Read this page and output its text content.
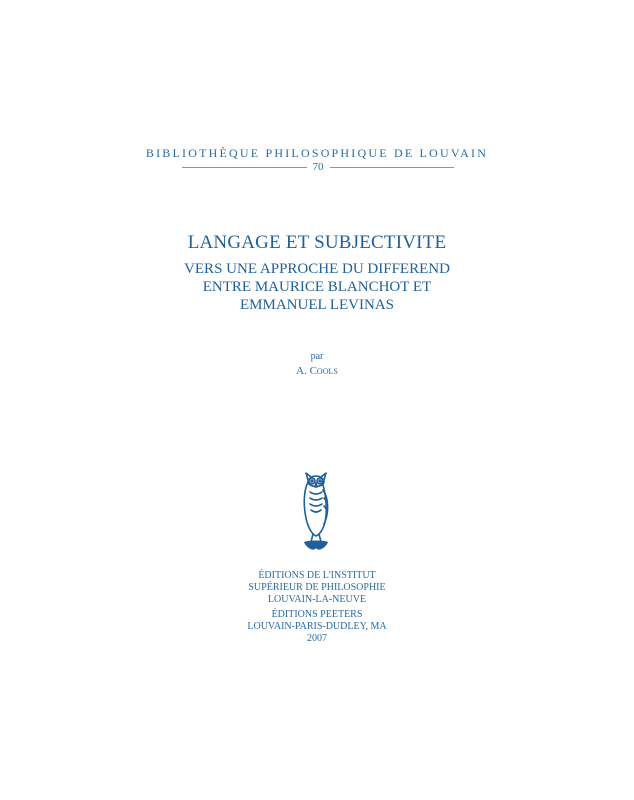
BIBLIOTHÈQUE PHILOSOPHIQUE DE LOUVAIN
70
LANGAGE ET SUBJECTIVITE
VERS UNE APPROCHE DU DIFFEREND
ENTRE MAURICE BLANCHOT ET
EMMANUEL LEVINAS
par
A. Cools
ÉDITIONS DE L'INSTITUT
SUPÉRIEUR DE PHILOSOPHIE
LOUVAIN-LA-NEUVE
ÉDITIONS PEETERS
LOUVAIN-PARIS-DUDLEY, MA
2007
